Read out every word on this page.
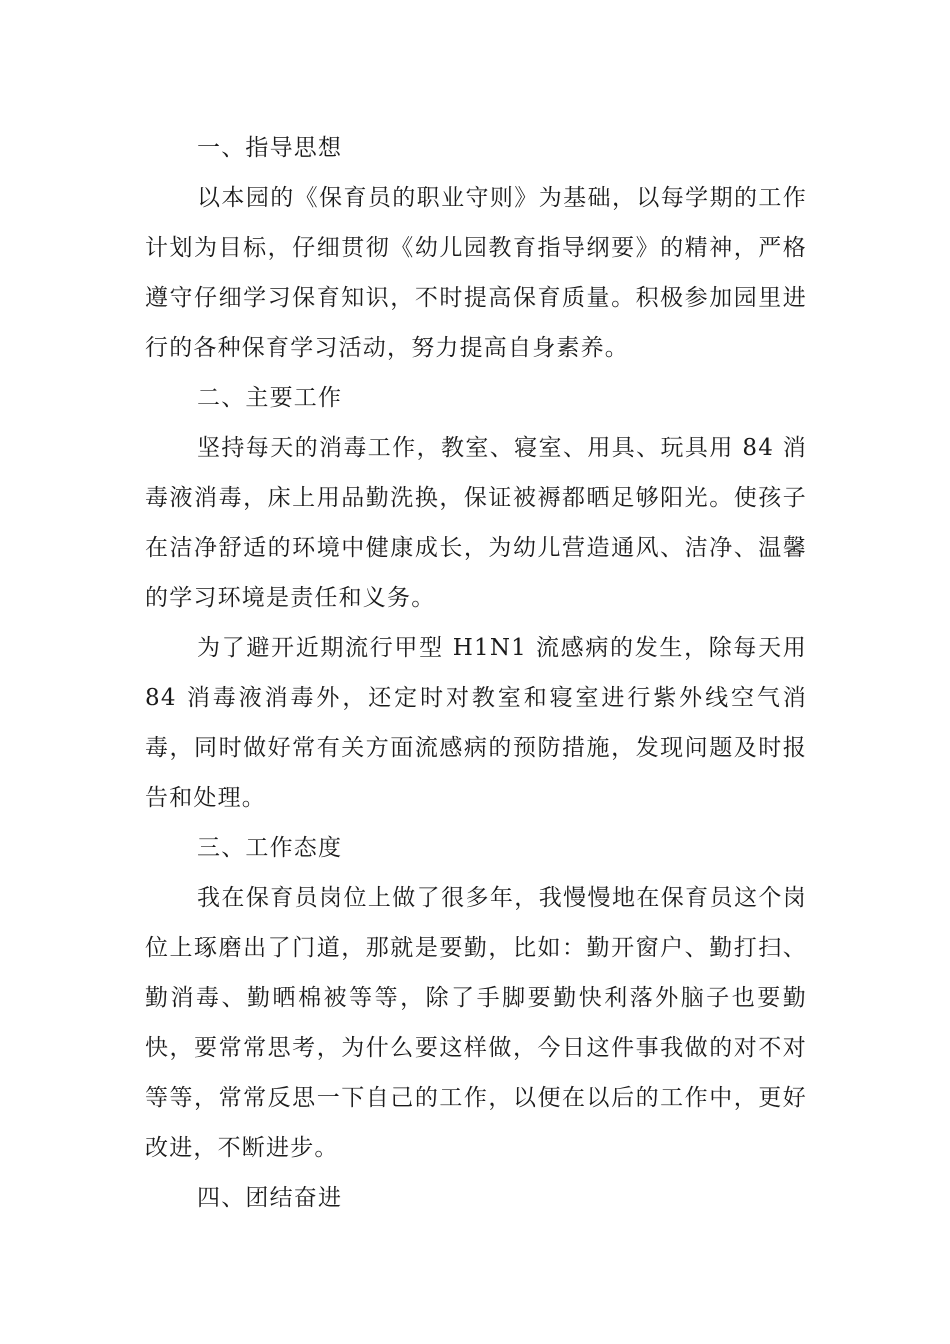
一、指导思想

以本园的《保育员的职业守则》为基础，以每学期的工作计划为目标，仔细贯彻《幼儿园教育指导纲要》的精神，严格遵守仔细学习保育知识，不时提高保育质量。积极参加园里进行的各种保育学习活动，努力提高自身素养。

二、主要工作

坚持每天的消毒工作，教室、寝室、用具、玩具用 84 消毒液消毒，床上用品勤洗换，保证被褥都晒足够阳光。使孩子在洁净舒适的环境中健康成长，为幼儿营造通风、洁净、温馨的学习环境是责任和义务。

为了避开近期流行甲型 H1N1 流感病的发生，除每天用 84 消毒液消毒外，还定时对教室和寝室进行紫外线空气消毒，同时做好常有关方面流感病的预防措施，发现问题及时报告和处理。

三、工作态度

我在保育员岗位上做了很多年，我慢慢地在保育员这个岗位上琢磨出了门道，那就是要勤，比如：勤开窗户、勤打扫、勤消毒、勤晒棉被等等，除了手脚要勤快利落外脑子也要勤快，要常常思考，为什么要这样做，今日这件事我做的对不对等等，常常反思一下自己的工作，以便在以后的工作中，更好改进，不断进步。

四、团结奋进
